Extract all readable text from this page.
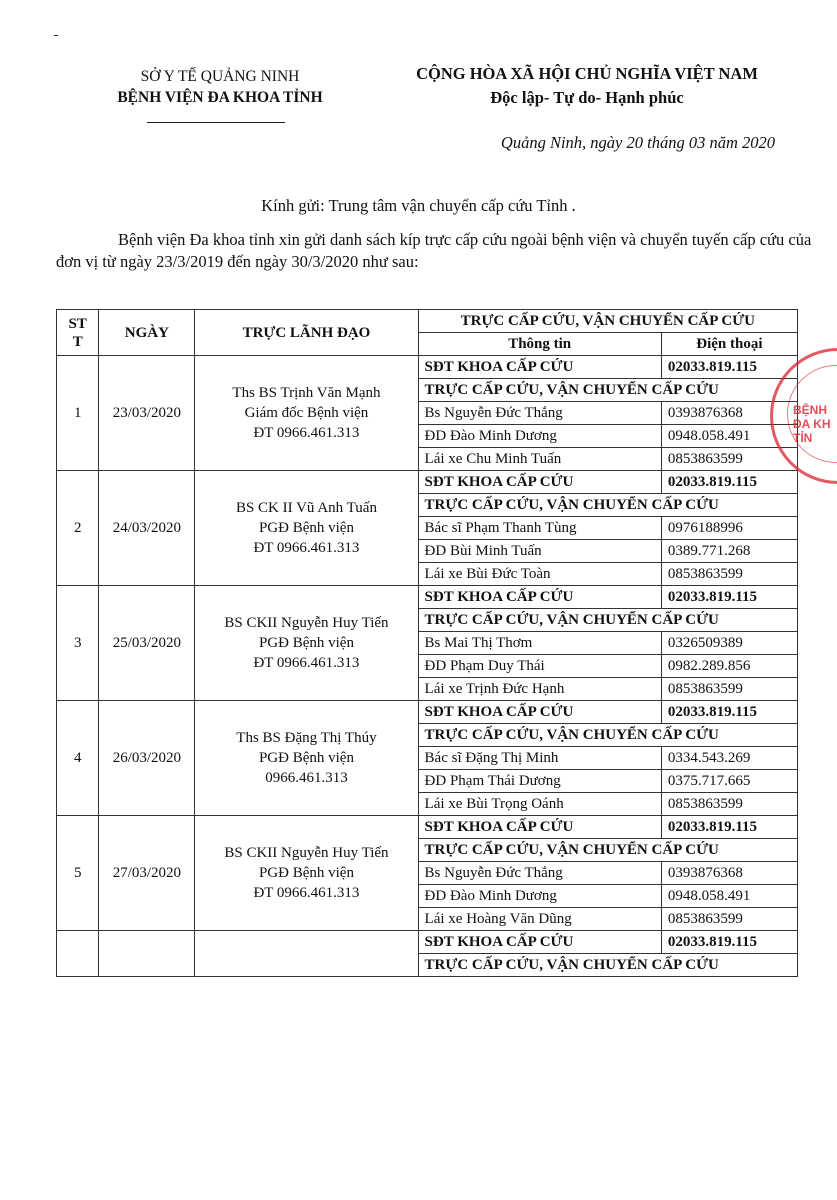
SỞ Y TẾ QUẢNG NINH
BỆNH VIỆN ĐA KHOA TỈNH
CỘNG HÒA XÃ HỘI CHỦ NGHĨA VIỆT NAM
Độc lập- Tự do- Hạnh phúc
Quảng Ninh, ngày 20 tháng 03 năm 2020
Kính gửi: Trung tâm vận chuyển cấp cứu Tỉnh .
Bệnh viện Đa khoa tỉnh xin gửi danh sách kíp trực cấp cứu ngoài bệnh viện và chuyển tuyến cấp cứu của đơn vị từ ngày 23/3/2019 đến ngày 30/3/2020 như sau:
ST T	NGÀY	TRỰC LÃNH ĐẠO	TRỰC CẤP CỨU, VẬN CHUYỂN CẤP CỨU	
			Thông tin	Điện thoại
1	23/03/2020	Ths BS Trịnh Văn Mạnh
Giám đốc Bệnh viện
ĐT 0966.461.313	SĐT KHOA CẤP CỨU	02033.819.115
			TRỰC CẤP CỨU, VẬN CHUYỂN CẤP CỨU	
			Bs Nguyễn Đức Thắng	0393876368
			ĐD Đào Minh Dương	0948.058.491
			Lái xe Chu Minh Tuấn	0853863599
2	24/03/2020	BS CK II Vũ Anh Tuấn
PGĐ Bệnh viện
ĐT 0966.461.313	SĐT KHOA CẤP CỨU	02033.819.115
			TRỰC CẤP CỨU, VẬN CHUYỂN CẤP CỨU	
			Bác sĩ Phạm Thanh Tùng	0976188996
			ĐD Bùi Minh Tuấn	0389.771.268
			Lái xe Bùi Đức Toàn	0853863599
3	25/03/2020	BS CKII Nguyễn Huy Tiến
PGĐ Bệnh viện
ĐT 0966.461.313	SĐT KHOA CẤP CỨU	02033.819.115
			TRỰC CẤP CỨU, VẬN CHUYỂN CẤP CỨU	
			Bs Mai Thị Thơm	0326509389
			ĐD Phạm Duy Thái	0982.289.856
			Lái xe Trịnh Đức Hạnh	0853863599
4	26/03/2020	Ths BS Đặng Thị Thúy
PGĐ Bệnh viện
0966.461.313	SĐT KHOA CẤP CỨU	02033.819.115
			TRỰC CẤP CỨU, VẬN CHUYỂN CẤP CỨU	
			Bác sĩ Đặng Thị Minh	0334.543.269
			ĐD Phạm Thái Dương	0375.717.665
			Lái xe Bùi Trọng Oánh	0853863599
5	27/03/2020	BS CKII Nguyễn Huy Tiến
PGĐ Bệnh viện
ĐT 0966.461.313	SĐT KHOA CẤP CỨU	02033.819.115
			TRỰC CẤP CỨU, VẬN CHUYỂN CẤP CỨU	
			Bs Nguyễn Đức Thắng	0393876368
			ĐD Đào Minh Dương	0948.058.491
			Lái xe Hoàng Văn Dũng	0853863599
			SĐT KHOA CẤP CỨU	02033.819.115
			TRỰC CẤP CỨU, VẬN CHUYỂN CẤP CỨU	
BỆNH
ĐA KH
TỈN
